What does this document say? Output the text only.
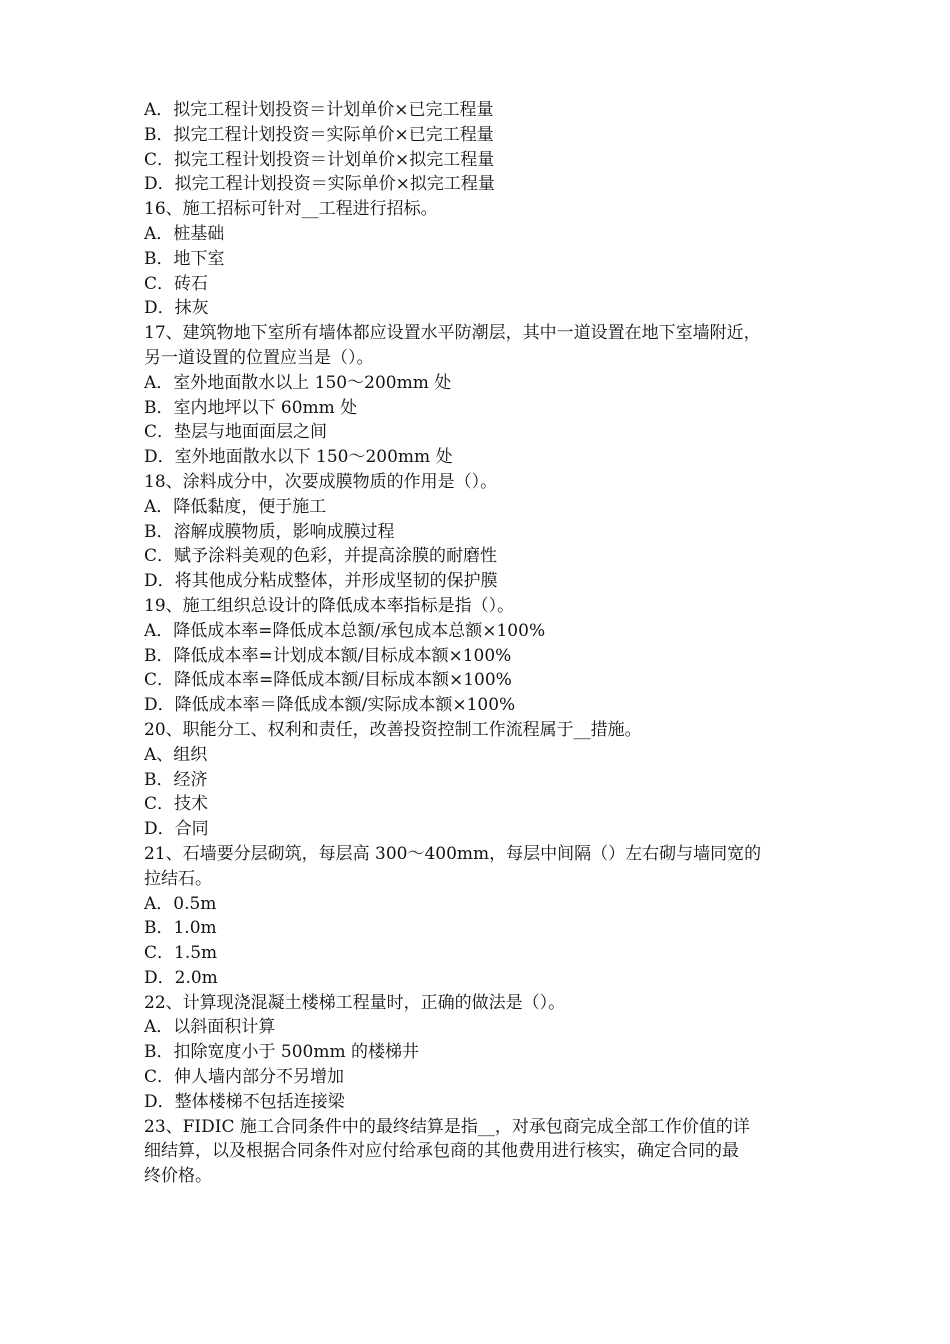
A．拟完工程计划投资＝计划单价×已完工程量
B．拟完工程计划投资＝实际单价×已完工程量
C．拟完工程计划投资＝计划单价×拟完工程量
D．拟完工程计划投资＝实际单价×拟完工程量
16、施工招标可针对__工程进行招标。
A．桩基础
B．地下室
C．砖石
D．抹灰
17、建筑物地下室所有墙体都应设置水平防潮层，其中一道设置在地下室墙附近，
另一道设置的位置应当是（）。
A．室外地面散水以上 150～200mm 处
B．室内地坪以下 60mm 处
C．垫层与地面面层之间
D．室外地面散水以下 150～200mm 处
18、涂料成分中，次要成膜物质的作用是（）。
A．降低黏度，便于施工
B．溶解成膜物质，影响成膜过程
C．赋予涂料美观的色彩，并提高涂膜的耐磨性
D．将其他成分粘成整体，并形成坚韧的保护膜
19、施工组织总设计的降低成本率指标是指（）。
A．降低成本率=降低成本总额/承包成本总额×100%
B．降低成本率=计划成本额/目标成本额×100%
C．降低成本率=降低成本额/目标成本额×100%
D．降低成本率＝降低成本额/实际成本额×100%
20、职能分工、权利和责任，改善投资控制工作流程属于__措施。
A、组织
B．经济
C．技术
D．合同
21、石墙要分层砌筑，每层高 300～400mm，每层中间隔（）左右砌与墙同宽的
拉结石。
A．0.5m
B．1.0m
C．1.5m
D．2.0m
22、计算现浇混凝土楼梯工程量时，正确的做法是（）。
A．以斜面积计算
B．扣除宽度小于 500mm 的楼梯井
C．伸人墙内部分不另增加
D．整体楼梯不包括连接梁
23、FIDIC 施工合同条件中的最终结算是指__，对承包商完成全部工作价值的详
细结算，以及根据合同条件对应付给承包商的其他费用进行核实，确定合同的最
终价格。
